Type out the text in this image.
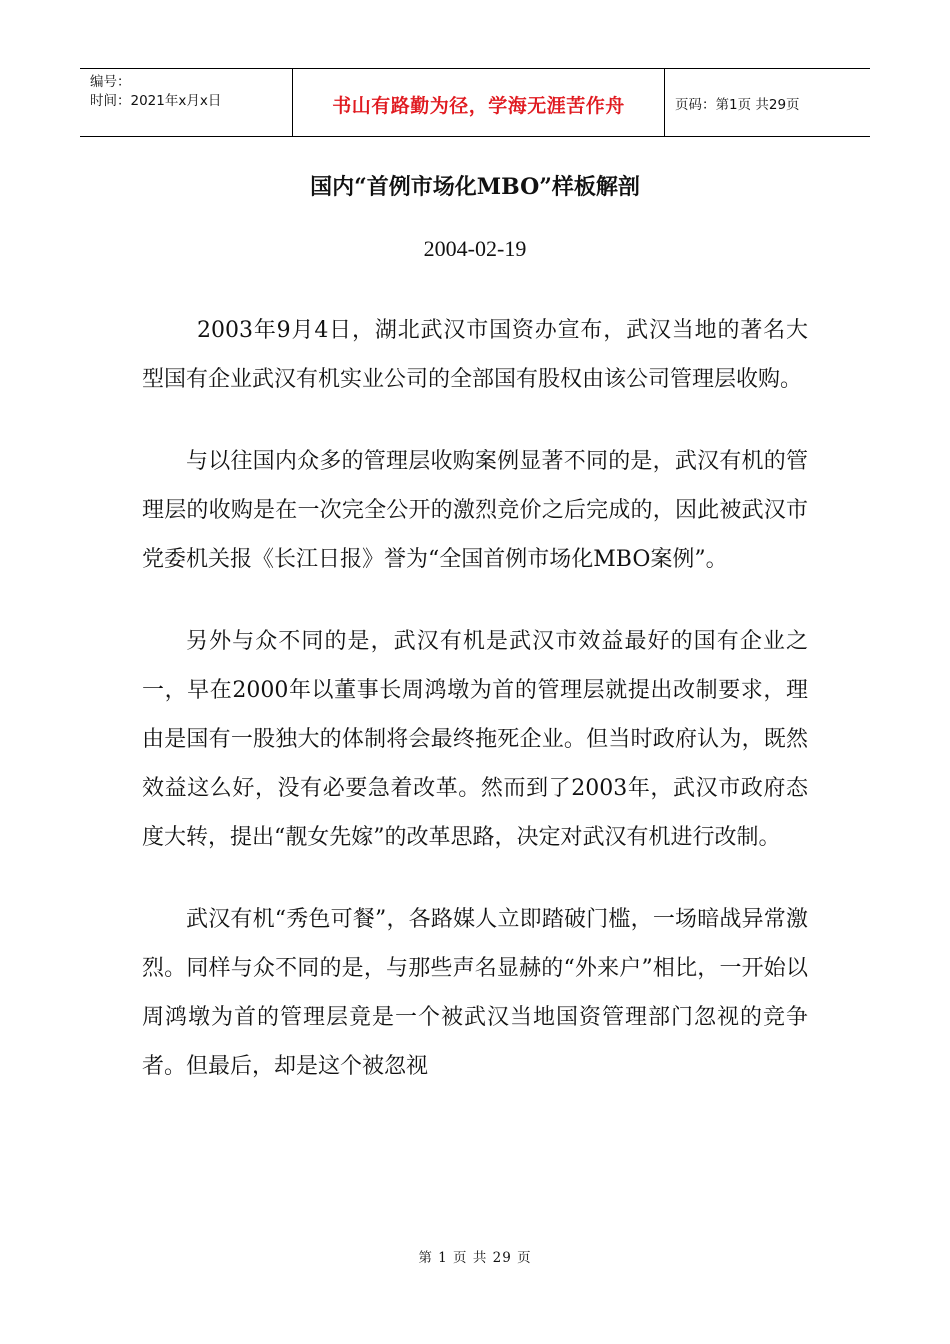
编号：
时间：2021年x月x日	书山有路勤为径，学海无涯苦作舟	页码：第1页 共29页
国内“首例市场化MBO”样板解剖
2004-02-19

2003年9月4日，湖北武汉市国资办宣布，武汉当地的著名大型国有企业武汉有机实业公司的全部国有股权由该公司管理层收购。

与以往国内众多的管理层收购案例显著不同的是，武汉有机的管理层的收购是在一次完全公开的激烈竞价之后完成的，因此被武汉市党委机关报《长江日报》誉为“全国首例市场化MBO案例”。

另外与众不同的是，武汉有机是武汉市效益最好的国有企业之一，早在2000年以董事长周鸿墩为首的管理层就提出改制要求，理由是国有一股独大的体制将会最终拖死企业。但当时政府认为，既然效益这么好，没有必要急着改革。然而到了2003年，武汉市政府态度大转，提出“靓女先嫁”的改革思路，决定对武汉有机进行改制。

武汉有机“秀色可餐”，各路媒人立即踏破门槛，一场暗战异常激烈。同样与众不同的是，与那些声名显赫的“外来户”相比，一开始以周鸿墩为首的管理层竟是一个被武汉当地国资管理部门忽视的竞争者。但最后，却是这个被忽视

第 1 页 共 29 页
